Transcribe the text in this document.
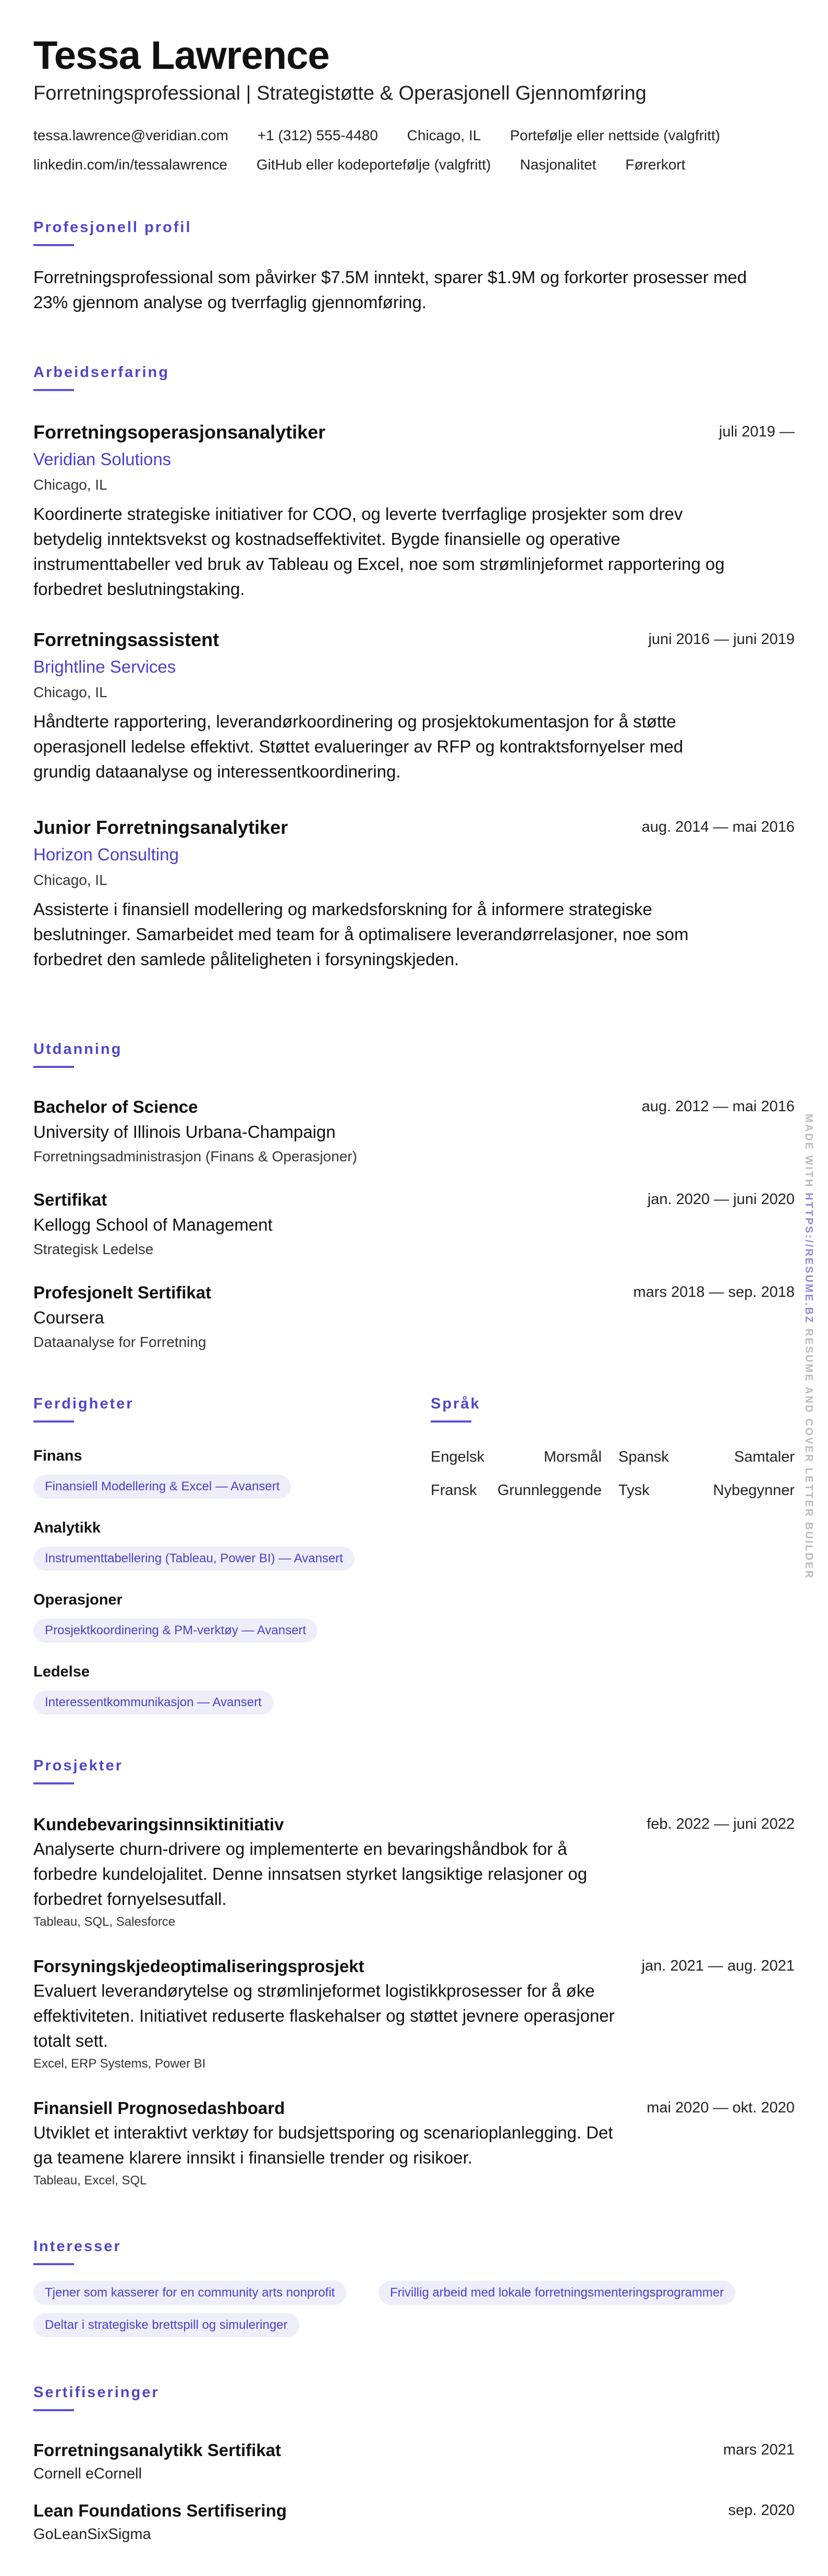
Tessa Lawrence
Forretningsprofessional | Strategistøtte & Operasjonell Gjennomføring
tessa.lawrence@veridian.com +1 (312) 555-4480 Chicago, IL Portefølje eller nettside (valgfritt)
linkedin.com/in/tessalawrence GitHub eller kodeportefølje (valgfritt) Nasjonalitet Førerkort
Profesjonell profil
Forretningsprofessional som påvirker $7.5M inntekt, sparer $1.9M og forkorter prosesser med 23% gjennom analyse og tverrfaglig gjennomføring.
Arbeidserfaring
Forretningsoperasjonsanalytiker	juli 2019 —
Veridian Solutions
Chicago, IL
Koordinerte strategiske initiativer for COO, og leverte tverrfaglige prosjekter som drev betydelig inntektsvekst og kostnadseffektivitet. Bygde finansielle og operative instrumenttabeller ved bruk av Tableau og Excel, noe som strømlinjeformet rapportering og forbedret beslutningstaking.
Forretningsassistent	juni 2016 — juni 2019
Brightline Services
Chicago, IL
Håndterte rapportering, leverandørkoordinering og prosjektokumentasjon for å støtte operasjonell ledelse effektivt. Støttet evalueringer av RFP og kontraktsfornyelser med grundig dataanalyse og interessentkoordinering.
Junior Forretningsanalytiker	aug. 2014 — mai 2016
Horizon Consulting
Chicago, IL
Assisterte i finansiell modellering og markedsforskning for å informere strategiske beslutninger. Samarbeidet med team for å optimalisere leverandørrelasjoner, noe som forbedret den samlede påliteligheten i forsyningskjeden.
Utdanning
Bachelor of Science	aug. 2012 — mai 2016
University of Illinois Urbana-Champaign
Forretningsadministrasjon (Finans & Operasjoner)
Sertifikat	jan. 2020 — juni 2020
Kellogg School of Management
Strategisk Ledelse
Profesjonelt Sertifikat	mars 2018 — sep. 2018
Coursera
Dataanalyse for Forretning
Ferdigheter
Finans
Finansiell Modellering & Excel — Avansert
Analytikk
Instrumenttabellering (Tableau, Power BI) — Avansert
Operasjoner
Prosjektkoordinering & PM-verktøy — Avansert
Ledelse
Interessentkommunikasjon — Avansert
Språk
Engelsk	Morsmål Spansk	Samtaler
Fransk Grunnleggende Tysk	Nybegynner
Prosjekter
Kundebevaringsinnsiktinitiativ	feb. 2022 — juni 2022
Analyserte churn-drivere og implementerte en bevaringshåndbok for å forbedre kundelojalitet. Denne innsatsen styrket langsiktige relasjoner og forbedret fornyelsesutfall.
Tableau, SQL, Salesforce
Forsyningskjedeoptimaliseringsprosjekt	jan. 2021 — aug. 2021
Evaluert leverandørytelse og strømlinjeformet logistikkprosesser for å øke effektiviteten. Initiativet reduserte flaskehalser og støttet jevnere operasjoner totalt sett.
Excel, ERP Systems, Power BI
Finansiell Prognosedashboard	mai 2020 — okt. 2020
Utviklet et interaktivt verktøy for budsjettsporing og scenarioplanlegging. Det ga teamene klarere innsikt i finansielle trender og risikoer.
Tableau, Excel, SQL
Interesser
Tjener som kasserer for en community arts nonprofit	Frivillig arbeid med lokale forretningsmenteringsprogrammer
Deltar i strategiske brettspill og simuleringer
Sertifiseringer
Forretningsanalytikk Sertifikat	mars 2021
Cornell eCornell
Lean Foundations Sertifisering	sep. 2020
GoLeanSixSigma
MADE WITH HTTPS://RESUME.BZ RESUME AND COVER LETTER BUILDER
